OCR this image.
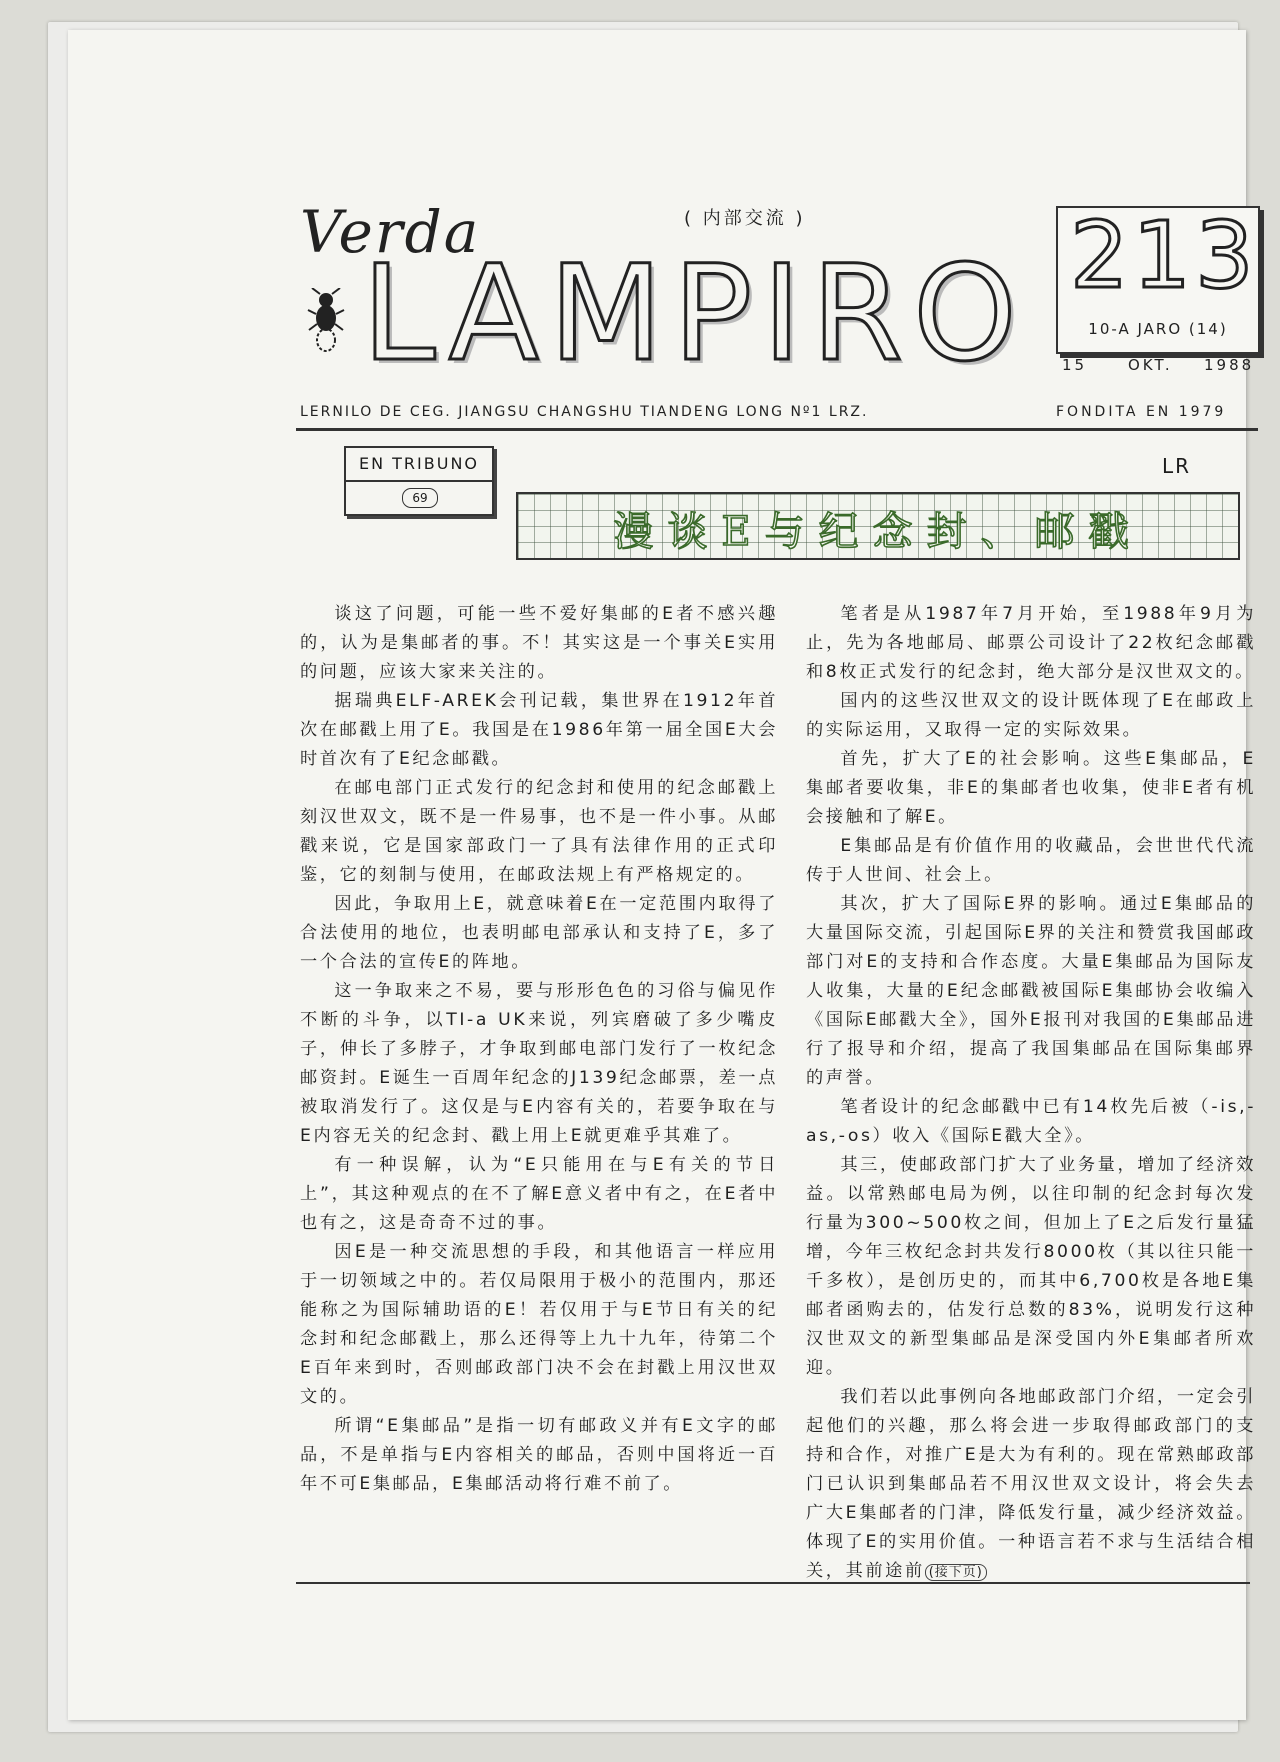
Verda	( 内部交流 )
LAMPIRO 213
10-A JARO (14)
15	OKT. 1988
LERNILO DE CEG. JIANGSU CHANGSHU TIANDENG LONG Nº1 LRZ.	FONDITA EN 1979
EN TRIBUNO
69
LR
漫谈E与纪念封、邮戳

谈这了问题，可能一些不爱好集邮的E者不感兴趣的，认为是集邮者的事。不！其实这是一个事关E实用的问题，应该大家来关注的。

据瑞典ELF-AREK会刊记载，集世界在1912年首次在邮戳上用了E。我国是在1986年第一届全国E大会时首次有了E纪念邮戳。

在邮电部门正式发行的纪念封和使用的纪念邮戳上刻汉世双文，既不是一件易事，也不是一件小事。从邮戳来说，它是国家部政门一了具有法律作用的正式印鉴，它的刻制与使用，在邮政法规上有严格规定的。

因此，争取用上E，就意味着E在一定范围内取得了合法使用的地位，也表明邮电部承认和支持了E，多了一个合法的宣传E的阵地。

这一争取来之不易，要与形形色色的习俗与偏见作不断的斗争，以TI-a UK来说，列宾磨破了多少嘴皮子，伸长了多脖子，才争取到邮电部门发行了一枚纪念邮资封。E诞生一百周年纪念的J139纪念邮票，差一点被取消发行了。这仅是与E内容有关的，若要争取在与E内容无关的纪念封、戳上用上E就更难乎其难了。

有一种误解，认为“E只能用在与E有关的节日上”，其这种观点的在不了解E意义者中有之，在E者中也有之，这是奇奇不过的事。

因E是一种交流思想的手段，和其他语言一样应用于一切领域之中的。若仅局限用于极小的范围内，那还能称之为国际辅助语的E！若仅用于与E节日有关的纪念封和纪念邮戳上，那么还得等上九十九年，待第二个E百年来到时，否则邮政部门决不会在封戳上用汉世双文的。

所谓“E集邮品”是指一切有邮政义并有E文字的邮品，不是单指与E内容相关的邮品，否则中国将近一百年不可E集邮品，E集邮活动将行难不前了。

笔者是从1987年7月开始，至1988年9月为止，先为各地邮局、邮票公司设计了22枚纪念邮戳和8枚正式发行的纪念封，绝大部分是汉世双文的。

国内的这些汉世双文的设计既体现了E在邮政上的实际运用，又取得一定的实际效果。

首先，扩大了E的社会影响。这些E集邮品，E集邮者要收集，非E的集邮者也收集，使非E者有机会接触和了解E。

E集邮品是有价值作用的收藏品，会世世代代流传于人世间、社会上。

其次，扩大了国际E界的影响。通过E集邮品的大量国际交流，引起国际E界的关注和赞赏我国邮政部门对E的支持和合作态度。大量E集邮品为国际友人收集，大量的E纪念邮戳被国际E集邮协会收编入《国际E邮戳大全》，国外E报刊对我国的E集邮品进行了报导和介绍，提高了我国集邮品在国际集邮界的声誉。

笔者设计的纪念邮戳中已有14枚先后被（-is,-as,-os）收入《国际E戳大全》。

其三，使邮政部门扩大了业务量，增加了经济效益。以常熟邮电局为例，以往印制的纪念封每次发行量为300~500枚之间，但加上了E之后发行量猛增，今年三枚纪念封共发行8000枚（其以往只能一千多枚），是创历史的，而其中6,700枚是各地E集邮者函购去的，估发行总数的83%，说明发行这种汉世双文的新型集邮品是深受国内外E集邮者所欢迎。

我们若以此事例向各地邮政部门介绍，一定会引起他们的兴趣，那么将会进一步取得邮政部门的支持和合作，对推广E是大为有利的。现在常熟邮政部门已认识到集邮品若不用汉世双文设计，将会失去广大E集邮者的门津，降低发行量，减少经济效益。体现了E的实用价值。一种语言若不求与生活结合相关，其前途前 (接下页)
